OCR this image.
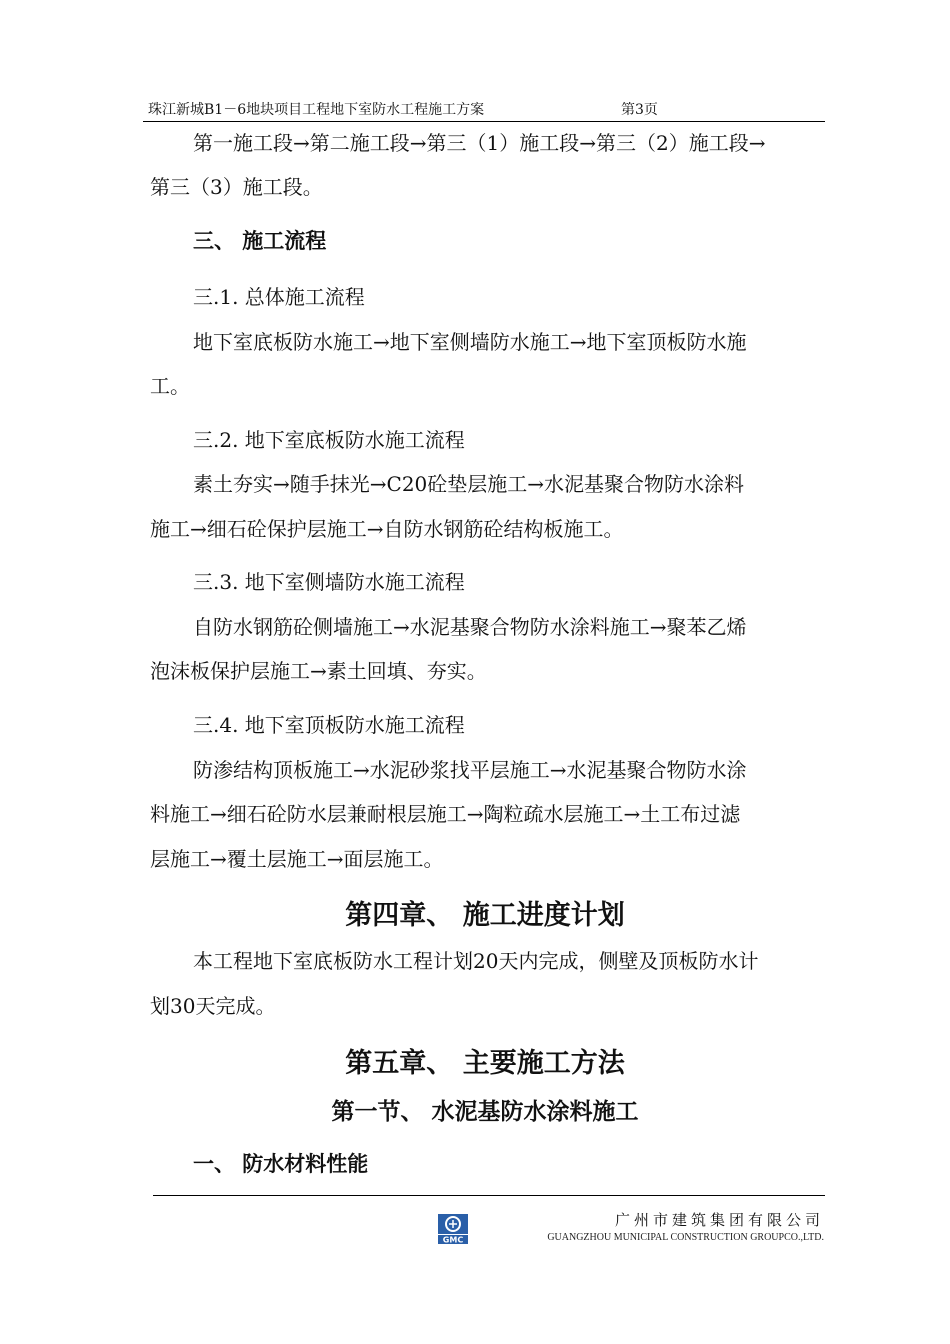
珠江新城B1－6地块项目工程地下室防水工程施工方案	第3页
第一施工段→第二施工段→第三（1）施工段→第三（2）施工段→
第三（3）施工段。
三、 施工流程
三.1. 总体施工流程
地下室底板防水施工→地下室侧墙防水施工→地下室顶板防水施
工。
三.2. 地下室底板防水施工流程
素土夯实→随手抹光→C20砼垫层施工→水泥基聚合物防水涂料
施工→细石砼保护层施工→自防水钢筋砼结构板施工。
三.3. 地下室侧墙防水施工流程
自防水钢筋砼侧墙施工→水泥基聚合物防水涂料施工→聚苯乙烯
泡沫板保护层施工→素土回填、夯实。
三.4. 地下室顶板防水施工流程
防渗结构顶板施工→水泥砂浆找平层施工→水泥基聚合物防水涂
料施工→细石砼防水层兼耐根层施工→陶粒疏水层施工→土工布过滤
层施工→覆土层施工→面层施工。
第四章、 施工进度计划
本工程地下室底板防水工程计划20天内完成，侧壁及顶板防水计
划30天完成。
第五章、 主要施工方法
第一节、 水泥基防水涂料施工
一、 防水材料性能
GMC
广州市建筑集团有限公司
GUANGZHOU MUNICIPAL CONSTRUCTION GROUPCO.,LTD.
